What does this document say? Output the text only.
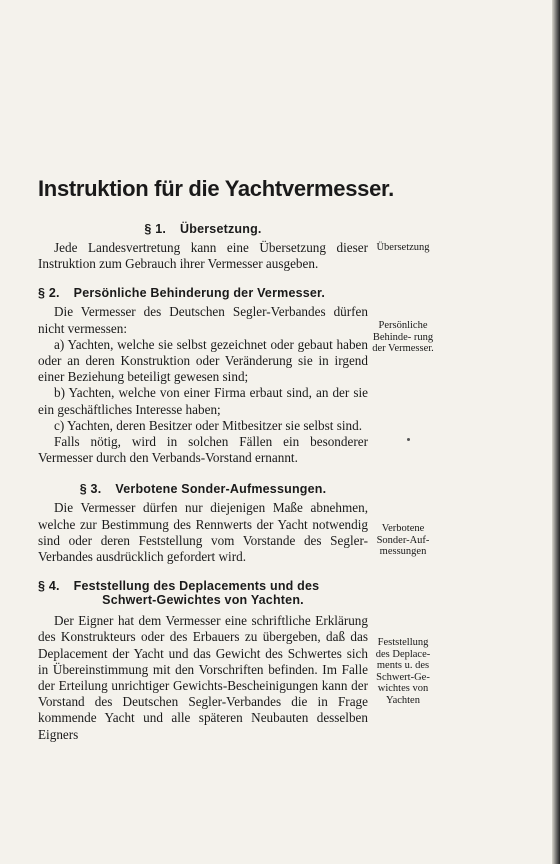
Instruktion für die Yachtvermesser.
§ 1. Übersetzung.

Jede Landesvertretung kann eine Übersetzung dieser Instruktion zum Gebrauch ihrer Vermesser ausgeben.

§ 2. Persönliche Behinderung der Vermesser.

Die Vermesser des Deutschen Segler-Verbandes dürfen nicht vermessen:

a) Yachten, welche sie selbst gezeichnet oder gebaut haben oder an deren Konstruktion oder Veränderung sie in irgend einer Beziehung beteiligt gewesen sind;

b) Yachten, welche von einer Firma erbaut sind, an der sie ein geschäftliches Interesse haben;

c) Yachten, deren Besitzer oder Mitbesitzer sie selbst sind.

Falls nötig, wird in solchen Fällen ein besonderer Vermesser durch den Verbands-Vorstand ernannt.

§ 3. Verbotene Sonder-Aufmessungen.

Die Vermesser dürfen nur diejenigen Maße abnehmen, welche zur Bestimmung des Rennwerts der Yacht notwendig sind oder deren Feststellung vom Vorstande des Segler-Verbandes ausdrücklich gefordert wird.

§ 4. Feststellung des Deplacements und des
Schwert-Gewichtes von Yachten.

Der Eigner hat dem Vermesser eine schriftliche Erklärung des Konstrukteurs oder des Erbauers zu übergeben, daß das Deplacement der Yacht und das Gewicht des Schwertes sich in Übereinstimmung mit den Vorschriften befinden. Im Falle der Erteilung unrichtiger Gewichts-Bescheinigungen kann der Vorstand des Deutschen Segler-Verbandes die in Frage kommende Yacht und alle späteren Neubauten desselben Eigners

Übersetzung
Persönliche Behinde- rung der Vermesser.
Verbotene Sonder-Auf- messungen
Feststellung des Deplace- ments u. des Schwert-Ge- wichtes von Yachten
